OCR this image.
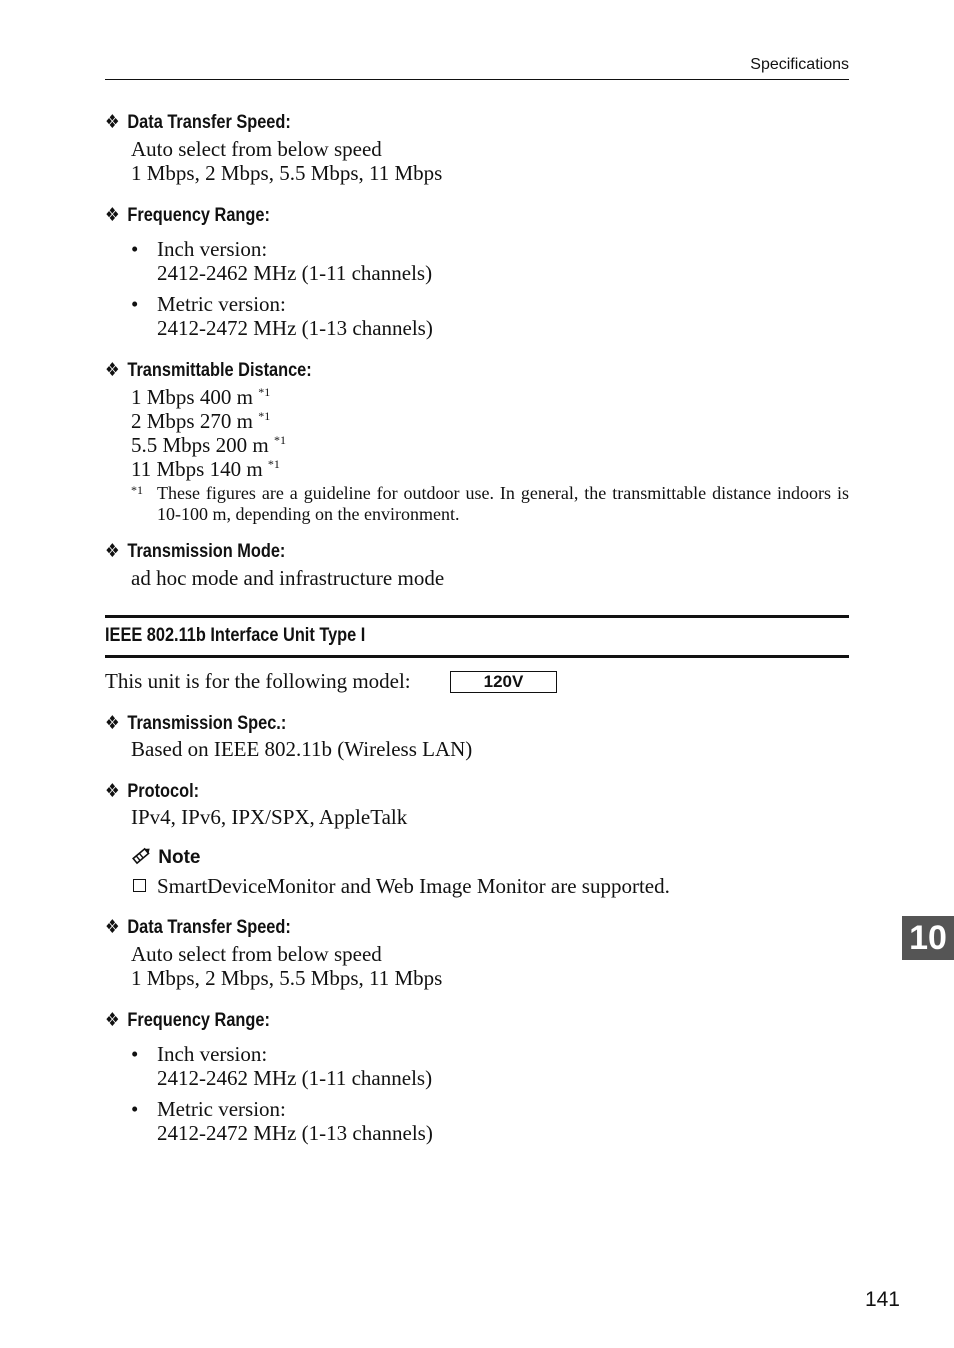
Specifications
❖ Data Transfer Speed:
Auto select from below speed
1 Mbps, 2 Mbps, 5.5 Mbps, 11 Mbps
❖ Frequency Range:
• Inch version:
2412-2462 MHz (1-11 channels)
• Metric version:
2412-2472 MHz (1-13 channels)
❖ Transmittable Distance:
1 Mbps 400 m $^{*1}$
2 Mbps 270 m $^{*1}$
5.5 Mbps 200 m $^{*1}$
11 Mbps 140 m $^{*1}$
*1 These figures are a guideline for outdoor use. In general, the transmittable distance indoors is 10-100 m, depending on the environment.
❖ Transmission Mode:
ad hoc mode and infrastructure mode
IEEE 802.11b Interface Unit Type I
This unit is for the following model:	120V
❖ Transmission Spec.:
Based on IEEE 802.11b (Wireless LAN)
❖ Protocol:
IPv4, IPv6, IPX/SPX, AppleTalk
Note
SmartDeviceMonitor and Web Image Monitor are supported.
❖ Data Transfer Speed:
Auto select from below speed
1 Mbps, 2 Mbps, 5.5 Mbps, 11 Mbps
❖ Frequency Range:
• Inch version:
2412-2462 MHz (1-11 channels)
• Metric version:
2412-2472 MHz (1-13 channels)
10
141
